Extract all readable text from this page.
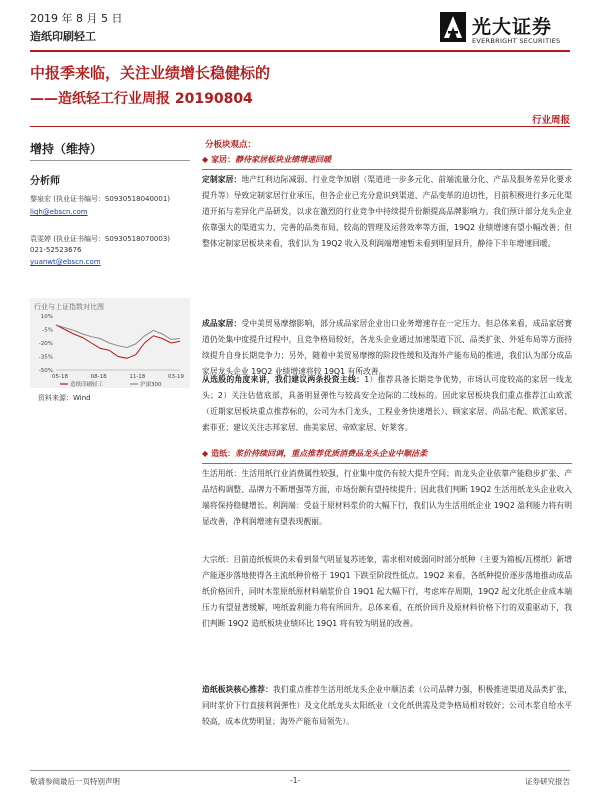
2019 年 8 月 5 日
造纸印刷轻工	光大证券
EVERBRIGHT SECURITIES
中报季来临，关注业绩增长稳健标的
——造纸轻工行业周报 20190804
行业周报
增持（维持）
分析师
黎泉宏 (执业证书编号：S0930518040001)
liqh@ebscn.com
袁雯婷 (执业证书编号：S0930518070003)
021-52523676
yuanwt@ebscn.com
行业与上证指数对比图
-50%
-35%
-20%
-5%
10%
05-18	08-18	11-18	03-19
造纸印刷轻工	沪深300
资料来源：Wind
分板块观点：
◆ 家居：静待家居板块业绩增速回暖
定制家居：地产红利边际减弱、行业竞争加剧（渠道进一步多元化、前端流量分化、产品及服务差异化要求提升等）导致定制家居行业承压，但各企业已充分意识到渠道、产品变革的迫切性，目前积极进行多元化渠道开拓与差异化产品研发，以求在激烈的行业竞争中持续提升份额提高品牌影响力。我们预计部分龙头企业依靠强大的渠道实力、完善的品类布局、较高的管理及运营效率等方面，19Q2 业绩增速有望小幅改善；但整体定制家居板块来看，我们认为 19Q2 收入及利润端增速暂未看到明显回升，静待下半年增速回暖。
成品家居：受中美贸易摩擦影响，部分成品家居企业出口业务增速存在一定压力。但总体来看，成品家居赛道仍处集中度提升过程中，且竞争格局较好，各龙头企业通过加速渠道下沉、品类扩张、外延布局等方面持续提升自身长期竞争力；另外，随着中美贸易摩擦的阶段性缓和及海外产能布局的推进，我们认为部分成品家居龙头企业 19Q2 业绩增速将较 19Q1 有所改善。
从选股的角度来讲，我们建议两条投资主线：1）推荐具备长期竞争优势，市场认可度较高的家居一线龙头；2）关注估值底部，具备明显弹性与较高安全边际的二线标的。因此家居板块我们重点推荐江山欧派（近期家居板块重点推荐标的，公司为木门龙头，工程业务快速增长）、顾家家居、尚品宅配、欧派家居、索菲亚；建议关注志邦家居、曲美家居、帝欧家居、好莱客。
◆ 造纸：浆价持续回调，重点推荐优质消费品龙头企业中顺洁柔
生活用纸：生活用纸行业消费属性较强，行业集中度仍有较大提升空间；而龙头企业依靠产能稳步扩张、产品结构调整、品牌力不断增强等方面，市场份额有望持续提升；因此我们判断 19Q2 生活用纸龙头企业收入端将保持稳健增长。利润端：受益于原材料浆价的大幅下行，我们认为生活用纸企业 19Q2 盈利能力将有明显改善，净利润增速有望表现靓丽。
大宗纸：目前造纸板块仍未看到景气明显复苏迹象，需求相对疲弱同时部分纸种（主要为箱板/瓦楞纸）新增产能逐步落地使得各主流纸种价格于 19Q1 下跌至阶段性低点。19Q2 来看，各纸种提价逐步落地推动成品纸价格回升，同时木浆原纸原材料端浆价自 19Q1 起大幅下行，考虑库存周期，19Q2 起文化纸企业成本端压力有望显著缓解，吨纸盈利能力将有所回升。总体来看，在纸价回升及原材料价格下行的双重驱动下，我们判断 19Q2 造纸板块业绩环比 19Q1 将有较为明显的改善。
造纸板块核心推荐：我们重点推荐生活用纸龙头企业中顺洁柔（公司品牌力强，积极推进渠道及品类扩张，同时浆价下行直接利润弹性）及文化纸龙头太阳纸业（文化纸供需及竞争格局相对较好；公司木浆自给水平较高，成本优势明显；海外产能布局领先）。
敬请参阅最后一页特别声明	-1-	证券研究报告
